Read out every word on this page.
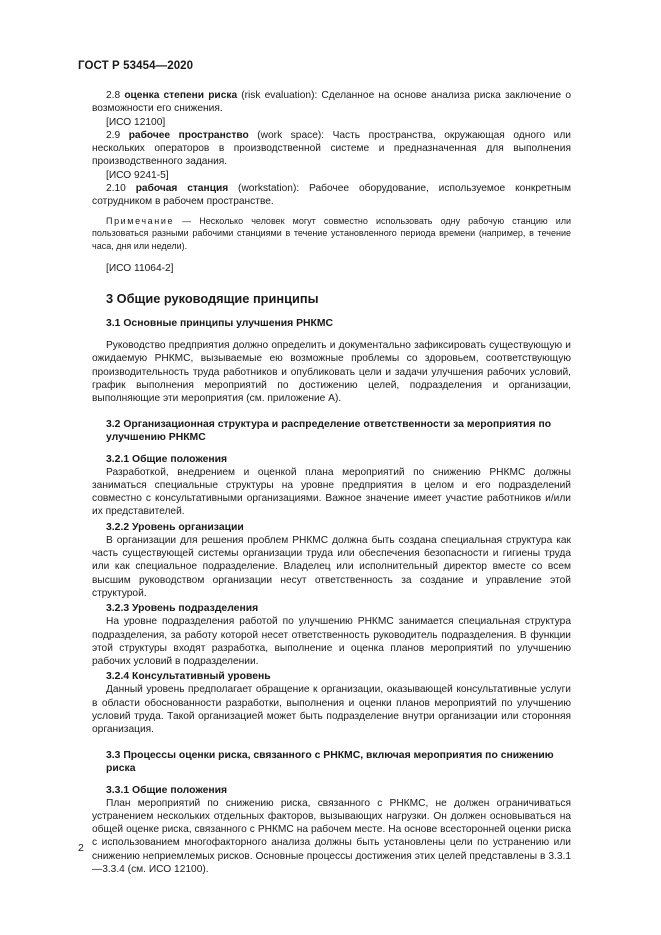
ГОСТ Р 53454—2020

2.8 оценка степени риска (risk evaluation): Сделанное на основе анализа риска заключение о возможности его снижения.

[ИСО 12100]

2.9 рабочее пространство (work space): Часть пространства, окружающая одного или нескольких операторов в производственной системе и предназначенная для выполнения производственного задания.

[ИСО 9241-5]

2.10 рабочая станция (workstation): Рабочее оборудование, используемое конкретным сотрудником в рабочем пространстве.

Примечание — Несколько человек могут совместно использовать одну рабочую станцию или пользоваться разными рабочими станциями в течение установленного периода времени (например, в течение часа, дня или недели).

[ИСО 11064-2]

3 Общие руководящие принципы
3.1 Основные принципы улучшения РНКМС

Руководство предприятия должно определить и документально зафиксировать существующую и ожидаемую РНКМС, вызываемые ею возможные проблемы со здоровьем, соответствующую производительность труда работников и опубликовать цели и задачи улучшения рабочих условий, график выполнения мероприятий по достижению целей, подразделения и организации, выполняющие эти мероприятия (см. приложение А).

3.2 Организационная структура и распределение ответственности за мероприятия по улучшению РНКМС
3.2.1 Общие положения

Разработкой, внедрением и оценкой плана мероприятий по снижению РНКМС должны заниматься специальные структуры на уровне предприятия в целом и его подразделений совместно с консультативными организациями. Важное значение имеет участие работников и/или их представителей.

3.2.2 Уровень организации

В организации для решения проблем РНКМС должна быть создана специальная структура как часть существующей системы организации труда или обеспечения безопасности и гигиены труда или как специальное подразделение. Владелец или исполнительный директор вместе со всем высшим руководством организации несут ответственность за создание и управление этой структурой.

3.2.3 Уровень подразделения

На уровне подразделения работой по улучшению РНКМС занимается специальная структура подразделения, за работу которой несет ответственность руководитель подразделения. В функции этой структуры входят разработка, выполнение и оценка планов мероприятий по улучшению рабочих условий в подразделении.

3.2.4 Консультативный уровень

Данный уровень предполагает обращение к организации, оказывающей консультативные услуги в области обоснованности разработки, выполнения и оценки планов мероприятий по улучшению условий труда. Такой организацией может быть подразделение внутри организации или сторонняя организация.

3.3 Процессы оценки риска, связанного с РНКМС, включая мероприятия по снижению риска
3.3.1 Общие положения

План мероприятий по снижению риска, связанного с РНКМС, не должен ограничиваться устранением нескольких отдельных факторов, вызывающих нагрузки. Он должен основываться на общей оценке риска, связанного с РНКМС на рабочем месте. На основе всесторонней оценки риска с использованием многофакторного анализа должны быть установлены цели по устранению или снижению неприемлемых рисков. Основные процессы достижения этих целей представлены в 3.3.1—3.3.4 (см. ИСО 12100).

2
